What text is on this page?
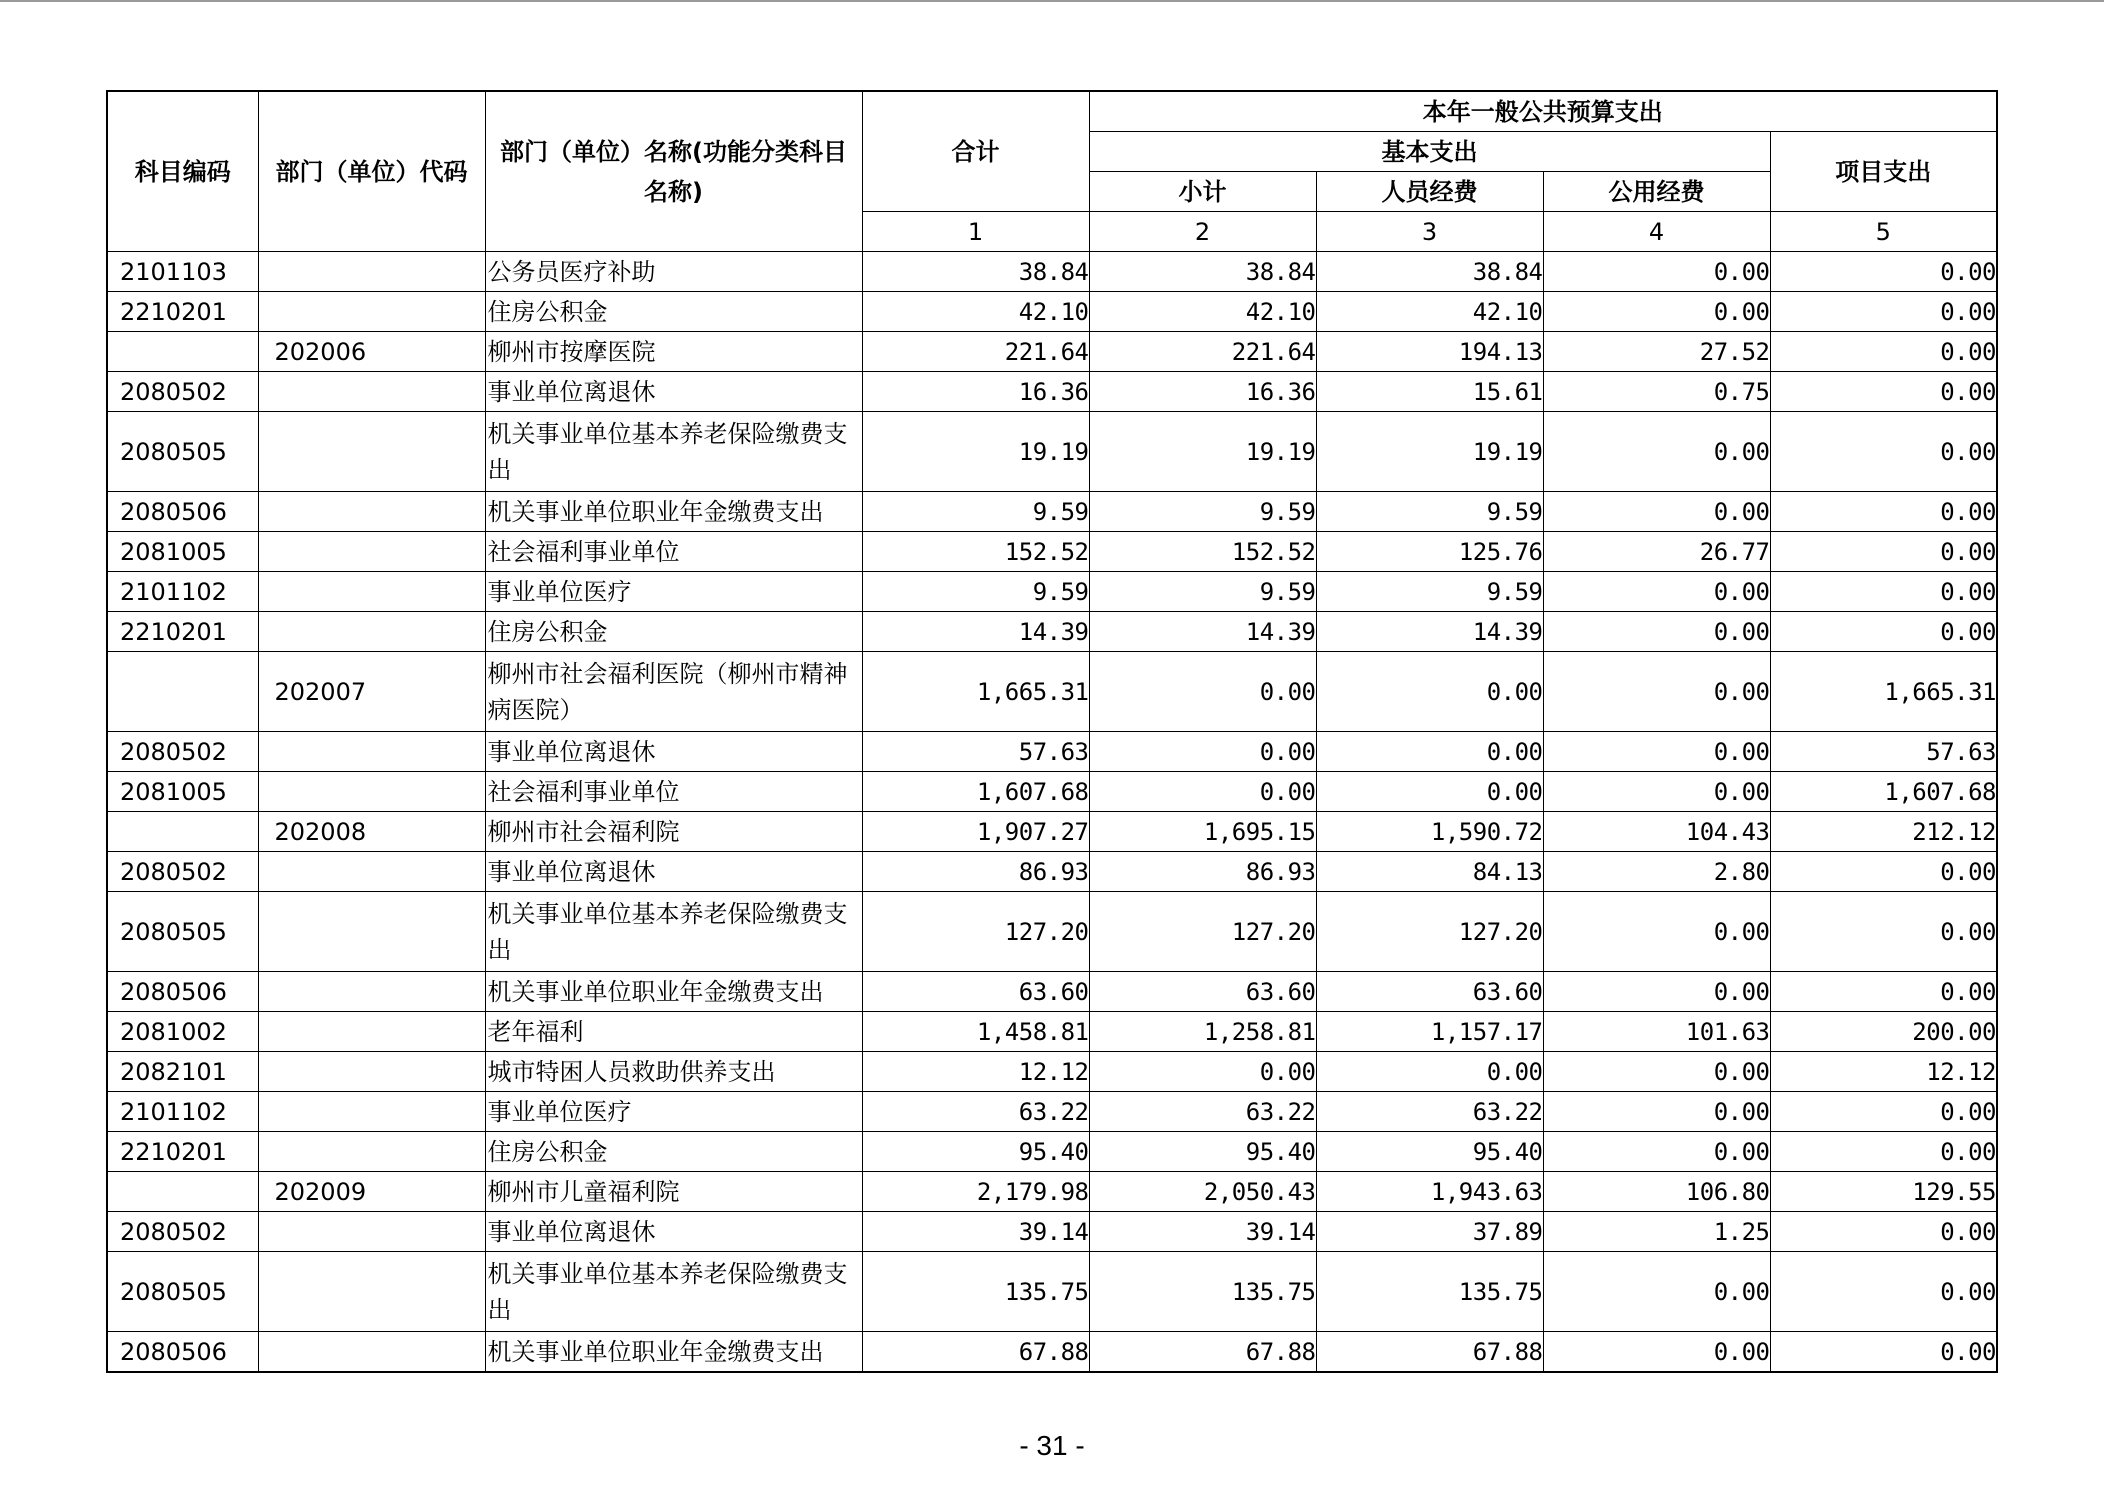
科目编码	部门（单位）代码	部门（单位）名称(功能分类科目名称)	合计	本年一般公共预算支出			
				基本支出			项目支出
				小计	人员经费	公用经费	
			1	2	3	4	5
2101103		公务员医疗补助	38.84	38.84	38.84	0.00	0.00
2210201		住房公积金	42.10	42.10	42.10	0.00	0.00
	202006	柳州市按摩医院	221.64	221.64	194.13	27.52	0.00
2080502		事业单位离退休	16.36	16.36	15.61	0.75	0.00
2080505		机关事业单位基本养老保险缴费支出	19.19	19.19	19.19	0.00	0.00
2080506		机关事业单位职业年金缴费支出	9.59	9.59	9.59	0.00	0.00
2081005		社会福利事业单位	152.52	152.52	125.76	26.77	0.00
2101102		事业单位医疗	9.59	9.59	9.59	0.00	0.00
2210201		住房公积金	14.39	14.39	14.39	0.00	0.00
	202007	柳州市社会福利医院（柳州市精神病医院）	1,665.31	0.00	0.00	0.00	1,665.31
2080502		事业单位离退休	57.63	0.00	0.00	0.00	57.63
2081005		社会福利事业单位	1,607.68	0.00	0.00	0.00	1,607.68
	202008	柳州市社会福利院	1,907.27	1,695.15	1,590.72	104.43	212.12
2080502		事业单位离退休	86.93	86.93	84.13	2.80	0.00
2080505		机关事业单位基本养老保险缴费支出	127.20	127.20	127.20	0.00	0.00
2080506		机关事业单位职业年金缴费支出	63.60	63.60	63.60	0.00	0.00
2081002		老年福利	1,458.81	1,258.81	1,157.17	101.63	200.00
2082101		城市特困人员救助供养支出	12.12	0.00	0.00	0.00	12.12
2101102		事业单位医疗	63.22	63.22	63.22	0.00	0.00
2210201		住房公积金	95.40	95.40	95.40	0.00	0.00
	202009	柳州市儿童福利院	2,179.98	2,050.43	1,943.63	106.80	129.55
2080502		事业单位离退休	39.14	39.14	37.89	1.25	0.00
2080505		机关事业单位基本养老保险缴费支出	135.75	135.75	135.75	0.00	0.00
2080506		机关事业单位职业年金缴费支出	67.88	67.88	67.88	0.00	0.00
- 31 -
